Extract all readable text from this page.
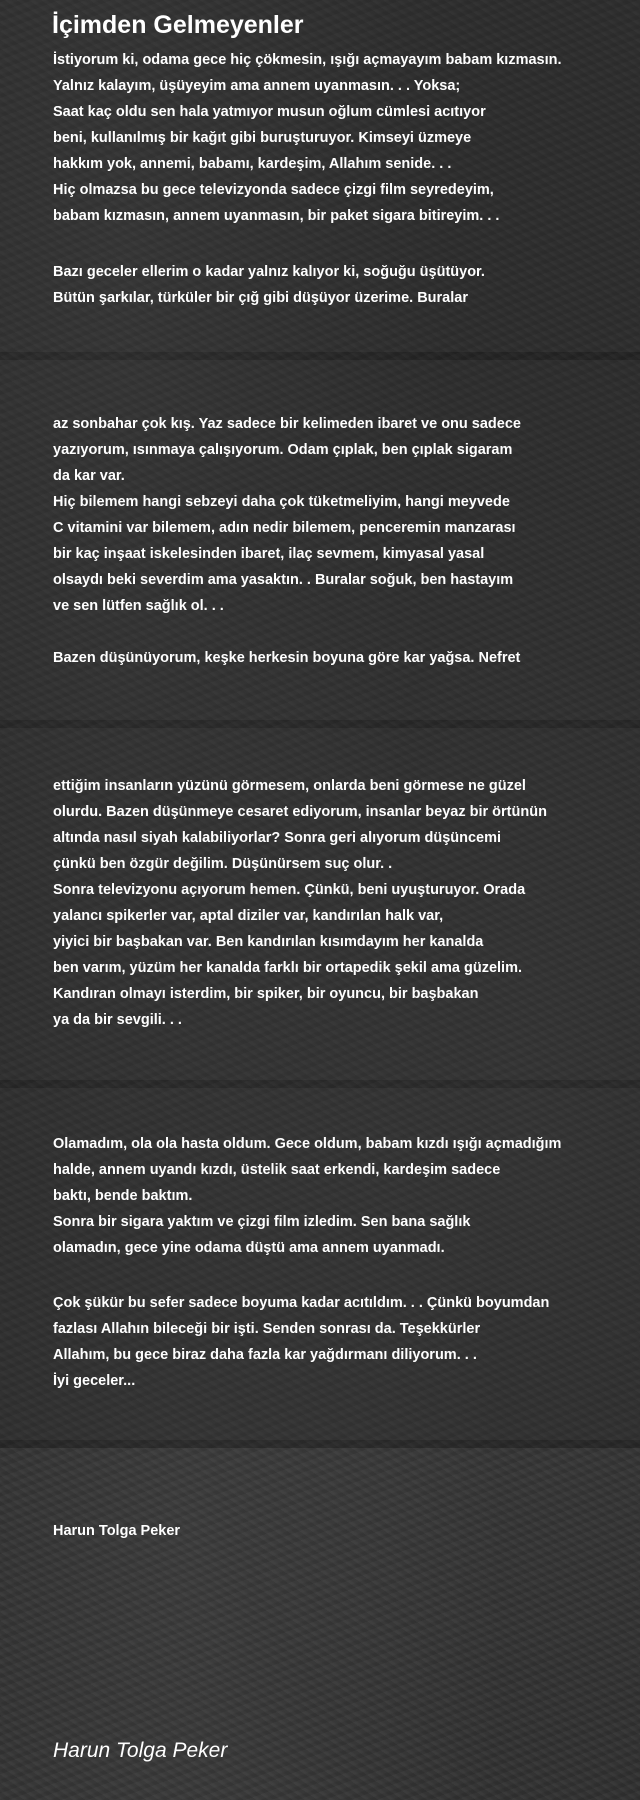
İçimden Gelmeyenler
İstiyorum ki, odama gece hiç çökmesin, ışığı açmayayım babam kızmasın.
Yalnız kalayım, üşüyeyim ama annem uyanmasın. . . Yoksa;
Saat kaç oldu sen hala yatmıyor musun oğlum cümlesi acıtıyor
beni, kullanılmış bir kağıt gibi buruşturuyor. Kimseyi üzmeye
hakkım yok, annemi, babamı, kardeşim, Allahım senide. . .
Hiç olmazsa bu gece televizyonda sadece çizgi film seyredeyim,
babam kızmasın, annem uyanmasın, bir paket sigara bitireyim. . .
Bazı geceler ellerim o kadar yalnız kalıyor ki, soğuğu üşütüyor.
Bütün şarkılar, türküler bir çığ gibi düşüyor üzerime. Buralar
az sonbahar çok kış. Yaz sadece bir kelimeden ibaret ve onu sadece
yazıyorum, ısınmaya çalışıyorum. Odam çıplak, ben çıplak sigaram
da kar var.
Hiç bilemem hangi sebzeyi daha çok tüketmeliyim, hangi meyvede
C vitamini var bilemem, adın nedir bilemem, penceremin manzarası
bir kaç inşaat iskelesinden ibaret, ilaç sevmem, kimyasal yasal
olsaydı beki severdim ama yasaktın. . Buralar soğuk, ben hastayım
ve sen lütfen sağlık ol. . .
Bazen düşünüyorum, keşke herkesin boyuna göre kar yağsa. Nefret
ettiğim insanların yüzünü görmesem, onlarda beni görmese ne güzel
olurdu. Bazen düşünmeye cesaret ediyorum, insanlar beyaz bir örtünün
altında nasıl siyah kalabiliyorlar? Sonra geri alıyorum düşüncemi
çünkü ben özgür değilim. Düşünürsem suç olur. .
Sonra televizyonu açıyorum hemen. Çünkü, beni uyuşturuyor. Orada
yalancı spikerler var, aptal diziler var, kandırılan halk var,
yiyici bir başbakan var. Ben kandırılan kısımdayım her kanalda
ben varım, yüzüm her kanalda farklı bir ortapedik şekil ama güzelim.
Kandıran olmayı isterdim, bir spiker, bir oyuncu, bir başbakan
ya da bir sevgili. . .
Olamadım, ola ola hasta oldum. Gece oldum, babam kızdı ışığı açmadığım
halde, annem uyandı kızdı, üstelik saat erkendi, kardeşim sadece
baktı, bende baktım.
Sonra bir sigara yaktım ve çizgi film izledim. Sen bana sağlık
olamadın, gece yine odama düştü ama annem uyanmadı.
Çok şükür bu sefer sadece boyuma kadar acıtıldım. . . Çünkü boyumdan
fazlası Allahın bileceği bir işti. Senden sonrası da. Teşekkürler
Allahım, bu gece biraz daha fazla kar yağdırmanı diliyorum. . .
İyi geceler...
Harun Tolga Peker
Harun Tolga Peker
